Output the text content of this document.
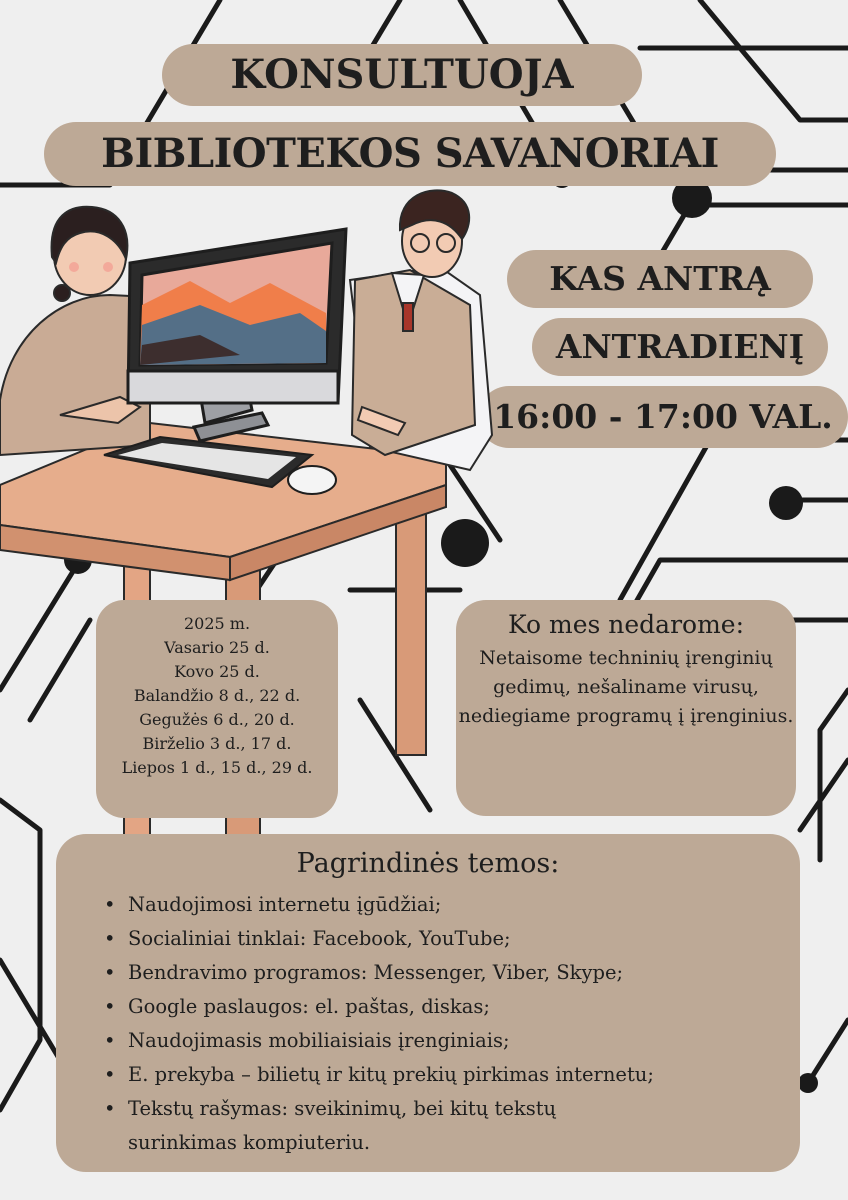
KONSULTUOJA
BIBLIOTEKOS SAVANORIAI
KAS ANTRĄ
ANTRADIENĮ
16:00 - 17:00 VAL.
2025 m.
Vasario 25 d.
Kovo 25 d.
Balandžio 8 d., 22 d.
Gegužės 6 d., 20 d.
Birželio 3 d., 17 d.
Liepos 1 d., 15 d., 29 d.
Ko mes nedarome:

Netaisome techninių įrenginių gedimų, nešaliname virusų, nediegiame programų į įrenginius.

Pagrindinės temos:
• Naudojimosi internetu įgūdžiai;
• Socialiniai tinklai: Facebook, YouTube;
• Bendravimo programos: Messenger, Viber, Skype;
• Google paslaugos: el. paštas, diskas;
• Naudojimasis mobiliaisiais įrenginiais;
• E. prekyba – bilietų ir kitų prekių pirkimas internetu;
• Tekstų rašymas: sveikinimų, bei kitų tekstų
surinkimas kompiuteriu.
